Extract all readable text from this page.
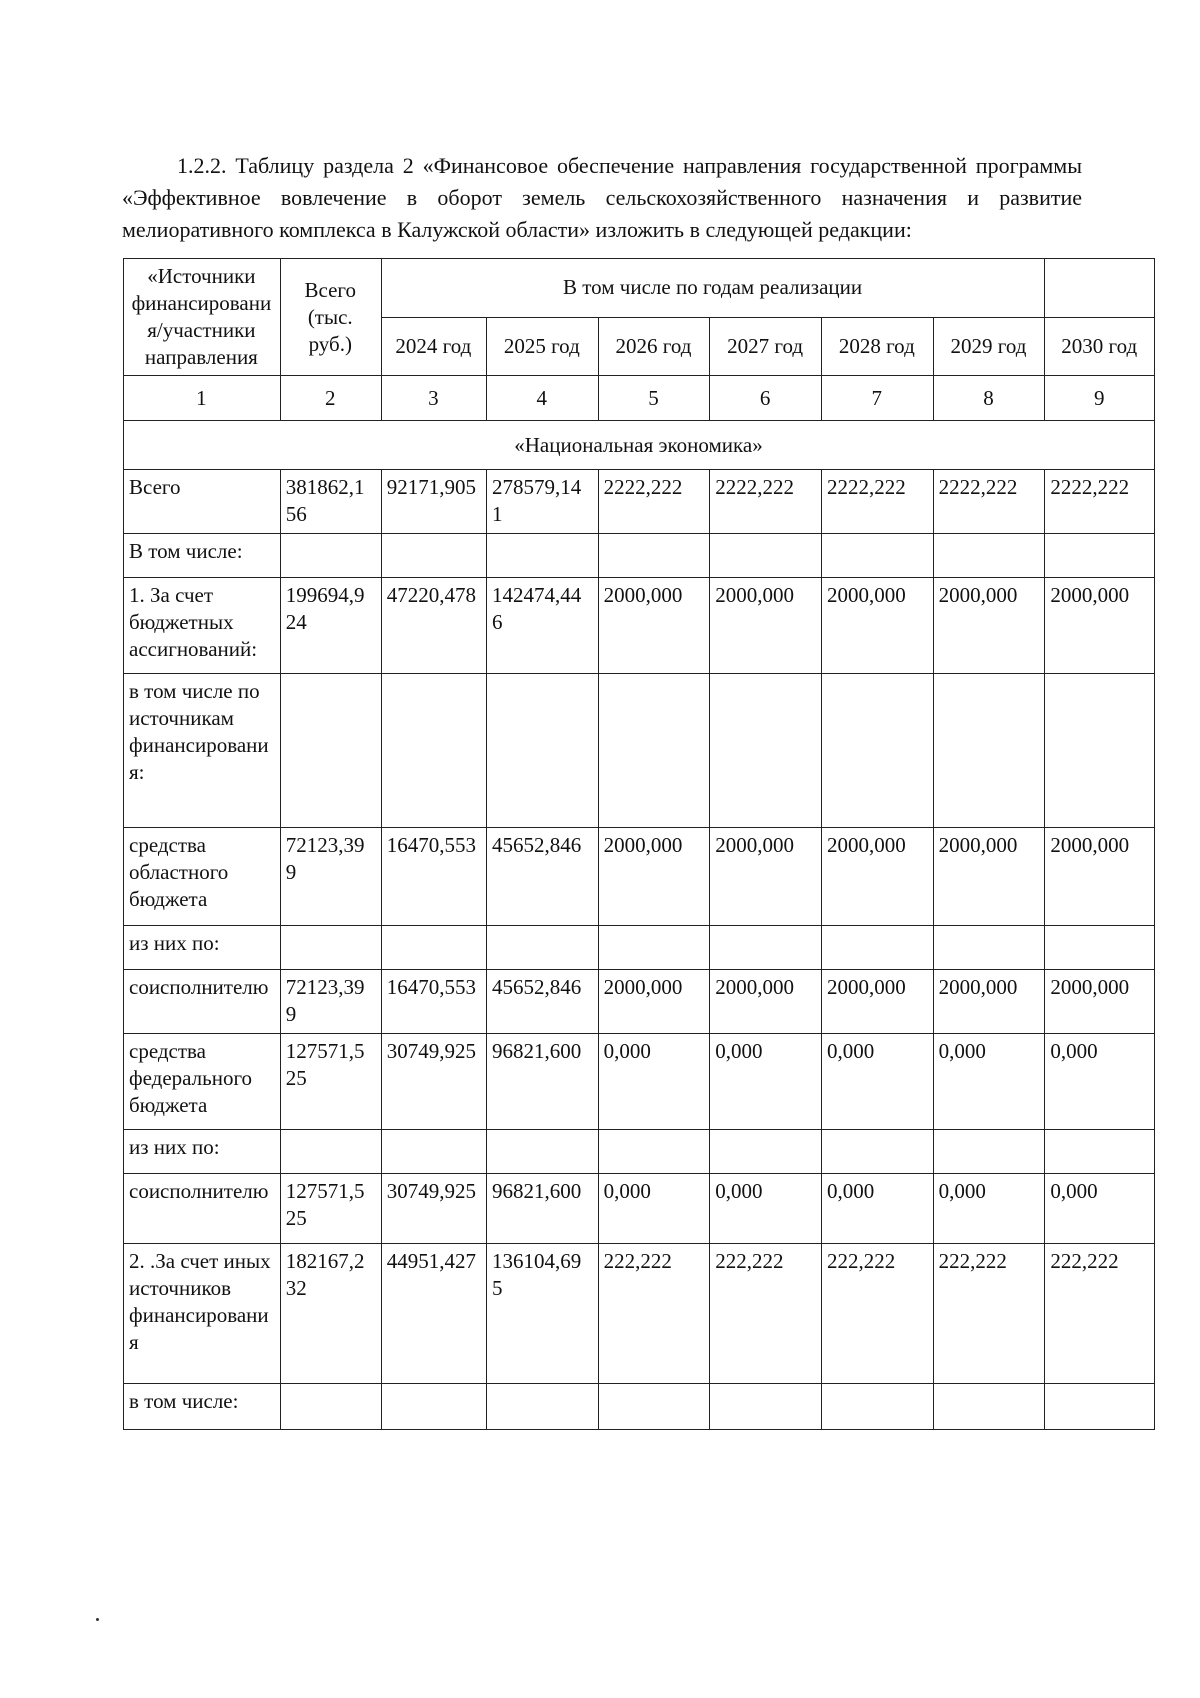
1.2.2. Таблицу раздела 2 «Финансовое обеспечение направления государственной программы «Эффективное вовлечение в оборот земель сельскохозяйственного назначения и развитие мелиоративного комплекса в Калужской области» изложить в следующей редакции:

«Источники финансирования/участники направления	Всего (тыс. руб.)	В том числе по годам реализации						
		2024 год	2025 год	2026 год	2027 год	2028 год	2029 год	2030 год
1	2	3	4	5	6	7	8	9
«Национальная экономика»								
Всего	381862,156	92171,905	278579,141	2222,222	2222,222	2222,222	2222,222	2222,222
В том числе:								
1. За счет бюджетных ассигнований:	199694,924	47220,478	142474,446	2000,000	2000,000	2000,000	2000,000	2000,000
в том числе по источникам финансирования:								
средства областного бюджета	72123,399	16470,553	45652,846	2000,000	2000,000	2000,000	2000,000	2000,000
из них по:								
соисполнителю	72123,399	16470,553	45652,846	2000,000	2000,000	2000,000	2000,000	2000,000
средства федерального бюджета	127571,525	30749,925	96821,600	0,000	0,000	0,000	0,000	0,000
из них по:								
соисполнителю	127571,525	30749,925	96821,600	0,000	0,000	0,000	0,000	0,000
2. .За счет иных источников финансирования	182167,232	44951,427	136104,695	222,222	222,222	222,222	222,222	222,222
в том числе:								
